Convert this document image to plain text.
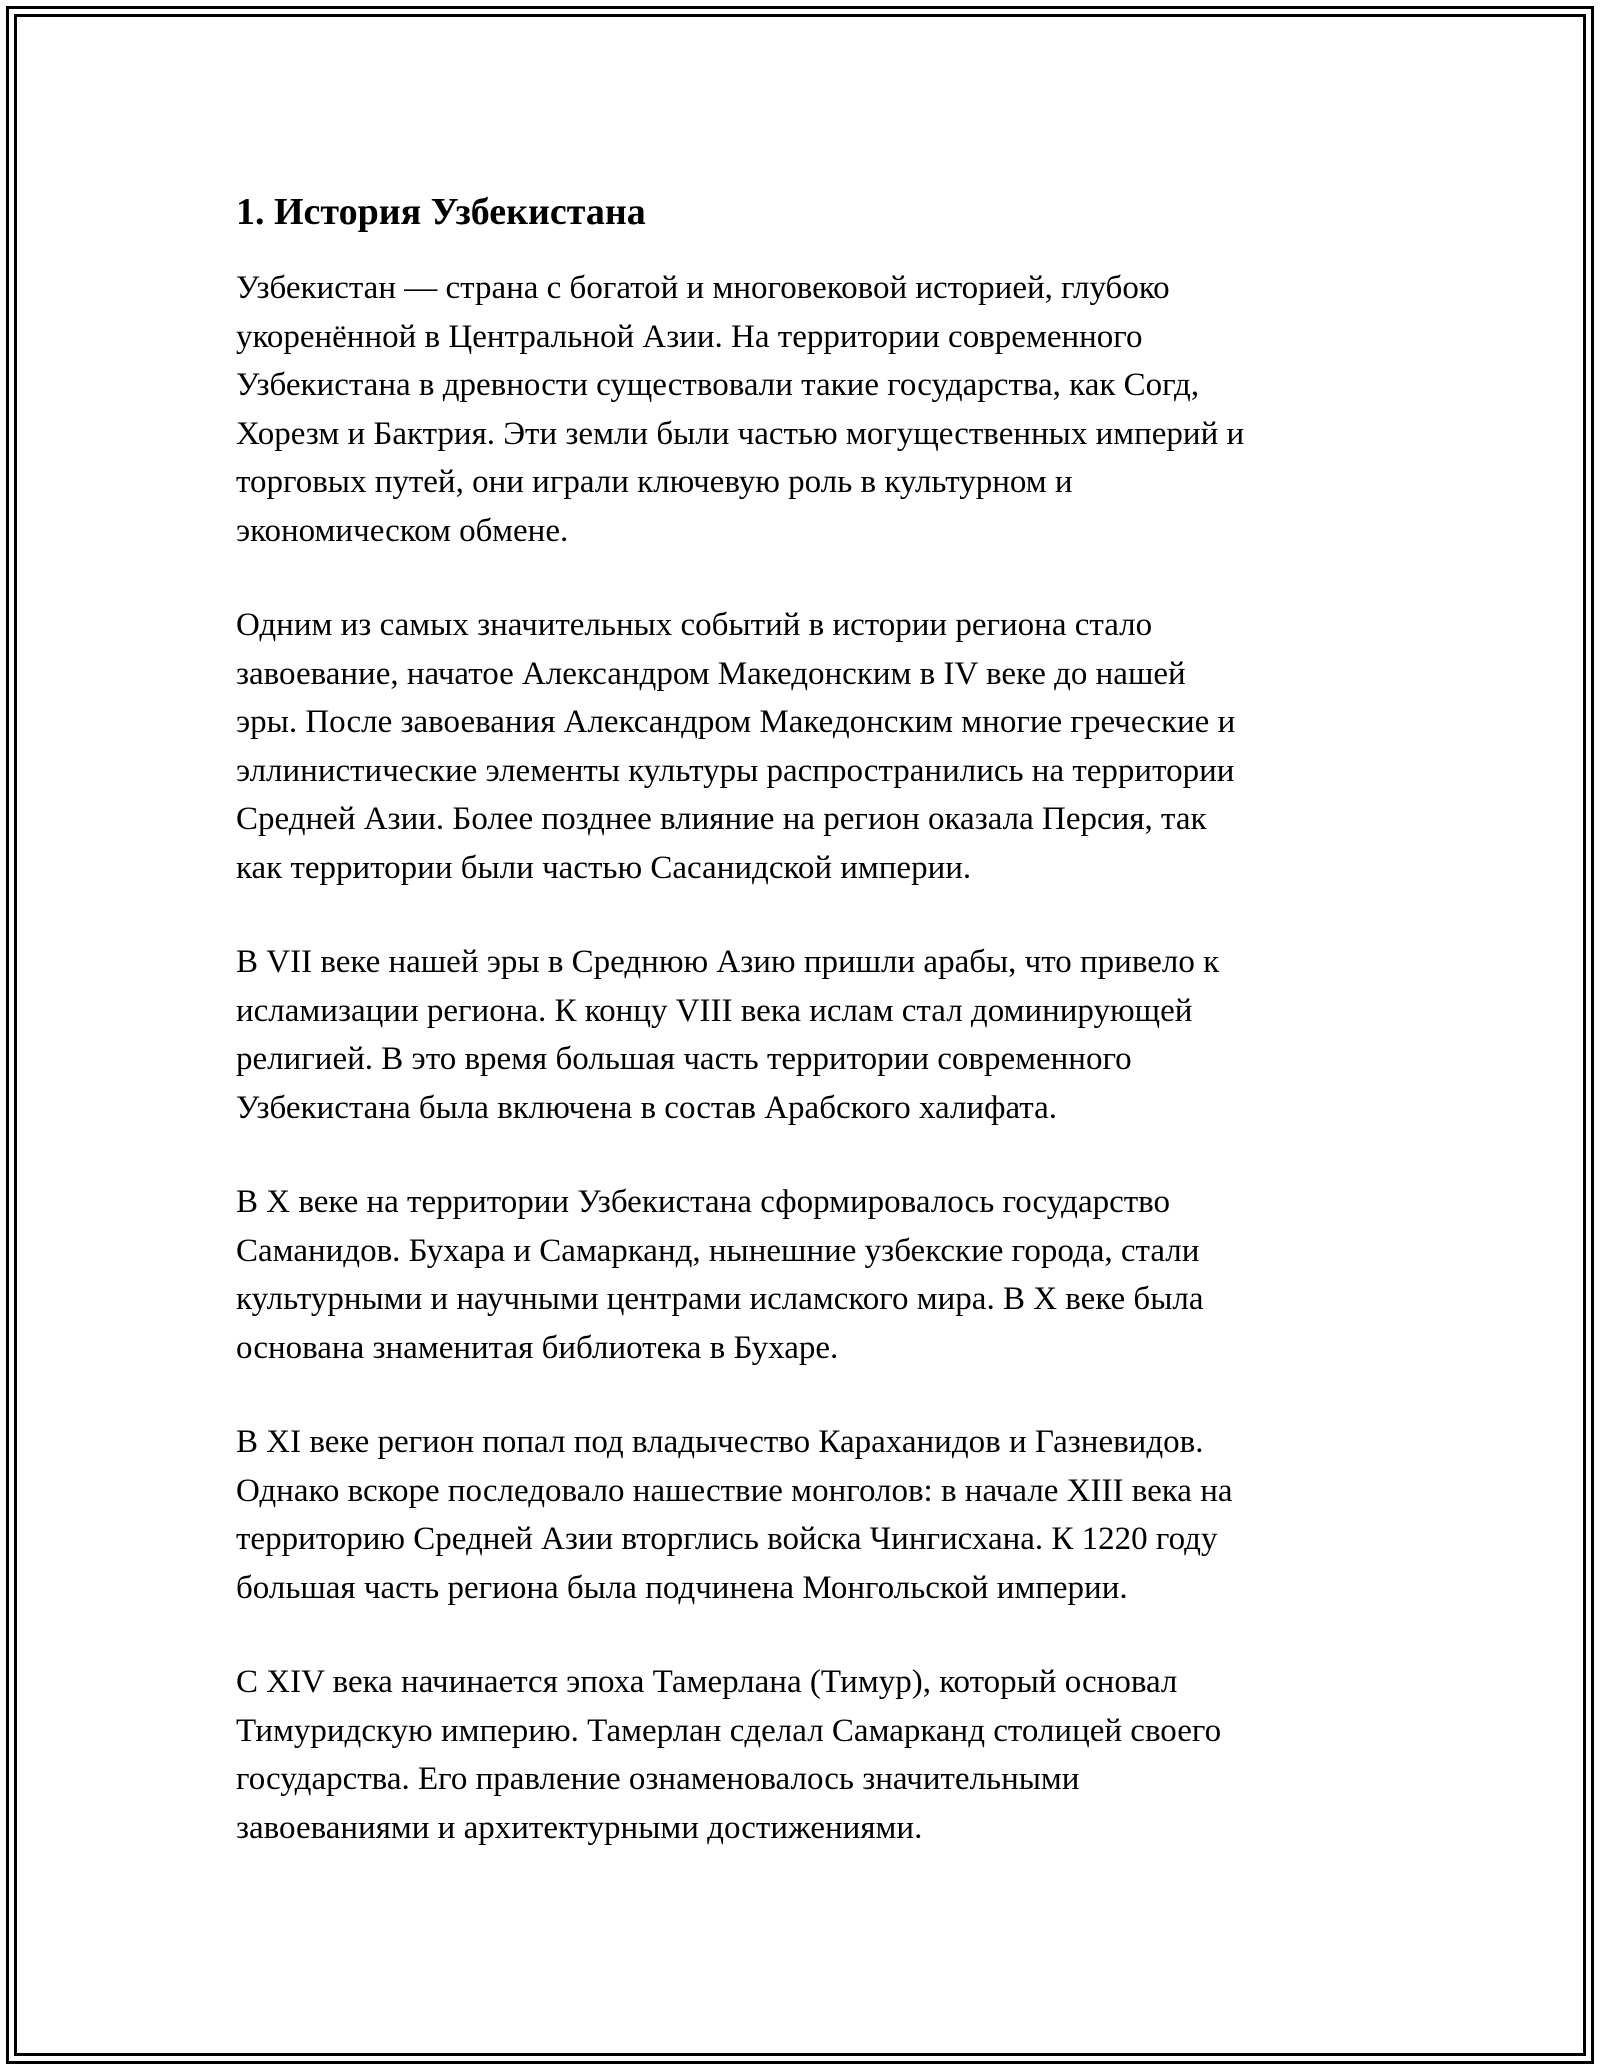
1. История Узбекистана

Узбекистан — страна с богатой и многовековой историей, глубоко
укоренённой в Центральной Азии. На территории современного
Узбекистана в древности существовали такие государства, как Согд,
Хорезм и Бактрия. Эти земли были частью могущественных империй и
торговых путей, они играли ключевую роль в культурном и
экономическом обмене.

Одним из самых значительных событий в истории региона стало
завоевание, начатое Александром Македонским в IV веке до нашей
эры. После завоевания Александром Македонским многие греческие и
эллинистические элементы культуры распространились на территории
Средней Азии. Более позднее влияние на регион оказала Персия, так
как территории были частью Сасанидской империи.

В VII веке нашей эры в Среднюю Азию пришли арабы, что привело к
исламизации региона. К концу VIII века ислам стал доминирующей
религией. В это время большая часть территории современного
Узбекистана была включена в состав Арабского халифата.

В X веке на территории Узбекистана сформировалось государство
Саманидов. Бухара и Самарканд, нынешние узбекские города, стали
культурными и научными центрами исламского мира. В X веке была
основана знаменитая библиотека в Бухаре.

В XI веке регион попал под владычество Караханидов и Газневидов.
Однако вскоре последовало нашествие монголов: в начале XIII века на
территорию Средней Азии вторглись войска Чингисхана. К 1220 году
большая часть региона была подчинена Монгольской империи.

С XIV века начинается эпоха Тамерлана (Тимур), который основал
Тимуридскую империю. Тамерлан сделал Самарканд столицей своего
государства. Его правление ознаменовалось значительными
завоеваниями и архитектурными достижениями.
